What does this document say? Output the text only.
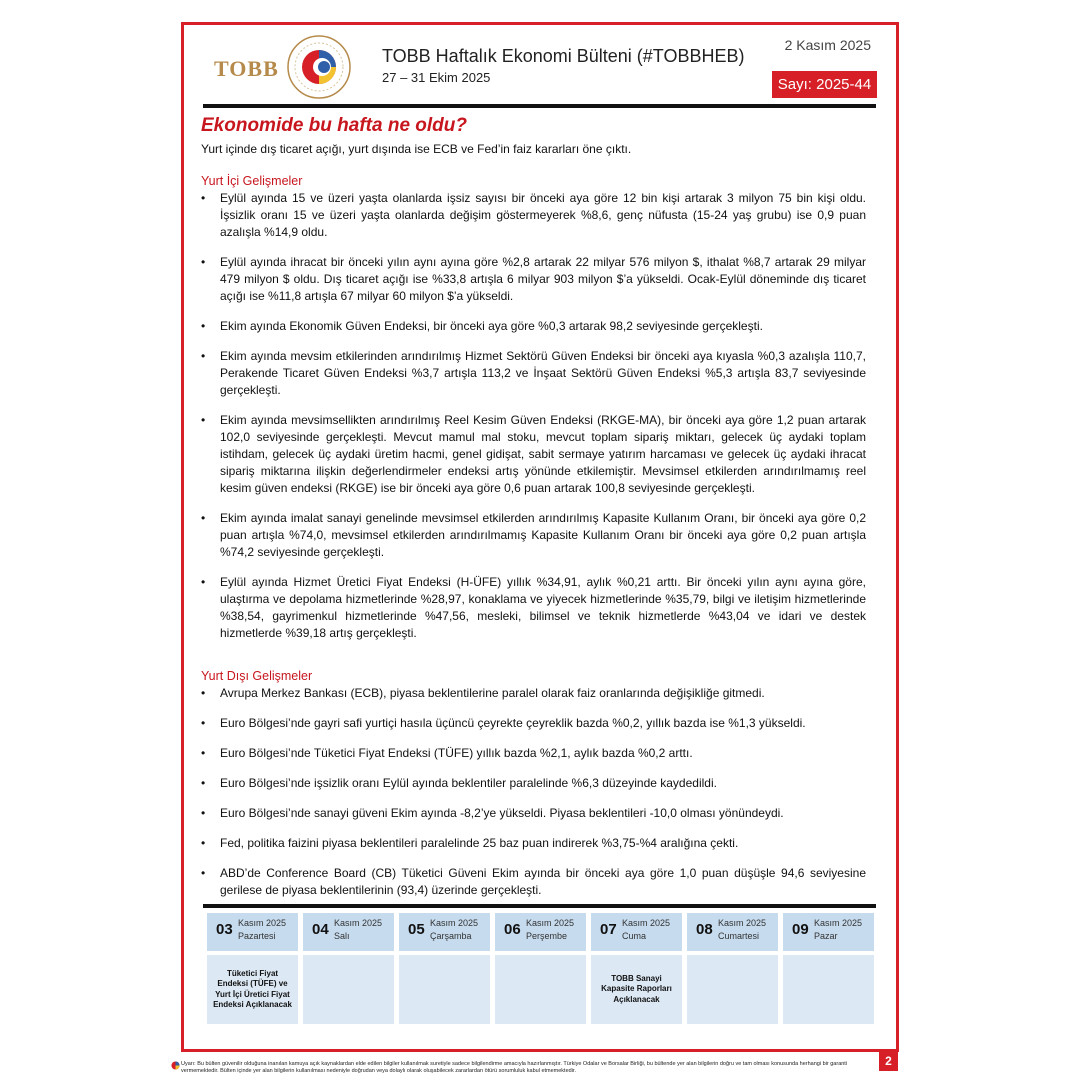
TOBB	TOBB Haftalık Ekonomi Bülteni (#TOBBHEB)
27 – 31 Ekim 2025
2 Kasım 2025
Sayı: 2025-44
Ekonomide bu hafta ne oldu?
Yurt içinde dış ticaret açığı, yurt dışında ise ECB ve Fed’in faiz kararları öne çıktı.
Yurt İçi Gelişmeler
• Eylül ayında 15 ve üzeri yaşta olanlarda işsiz sayısı bir önceki aya göre 12 bin kişi artarak 3 milyon 75 bin kişi oldu. İşsizlik oranı 15 ve üzeri yaşta olanlarda değişim göstermeyerek %8,6, genç nüfusta (15-24 yaş grubu) ise 0,9 puan azalışla %14,9 oldu.
• Eylül ayında ihracat bir önceki yılın aynı ayına göre %2,8 artarak 22 milyar 576 milyon $, ithalat %8,7 artarak 29 milyar 479 milyon $ oldu. Dış ticaret açığı ise %33,8 artışla 6 milyar 903 milyon $’a yükseldi. Ocak-Eylül döneminde dış ticaret açığı ise %11,8 artışla 67 milyar 60 milyon $’a yükseldi.
• Ekim ayında Ekonomik Güven Endeksi, bir önceki aya göre %0,3 artarak 98,2 seviyesinde gerçekleşti.
• Ekim ayında mevsim etkilerinden arındırılmış Hizmet Sektörü Güven Endeksi bir önceki aya kıyasla %0,3 azalışla 110,7, Perakende Ticaret Güven Endeksi %3,7 artışla 113,2 ve İnşaat Sektörü Güven Endeksi %5,3 artışla 83,7 seviyesinde gerçekleşti.
• Ekim ayında mevsimsellikten arındırılmış Reel Kesim Güven Endeksi (RKGE-MA), bir önceki aya göre 1,2 puan artarak 102,0 seviyesinde gerçekleşti. Mevcut mamul mal stoku, mevcut toplam sipariş miktarı, gelecek üç aydaki toplam istihdam, gelecek üç aydaki üretim hacmi, genel gidişat, sabit sermaye yatırım harcaması ve gelecek üç aydaki ihracat sipariş miktarına ilişkin değerlendirmeler endeksi artış yönünde etkilemiştir. Mevsimsel etkilerden arındırılmamış reel kesim güven endeksi (RKGE) ise bir önceki aya göre 0,6 puan artarak 100,8 seviyesinde gerçekleşti.
• Ekim ayında imalat sanayi genelinde mevsimsel etkilerden arındırılmış Kapasite Kullanım Oranı, bir önceki aya göre 0,2 puan artışla %74,0, mevsimsel etkilerden arındırılmamış Kapasite Kullanım Oranı bir önceki aya göre 0,2 puan artışla %74,2 seviyesinde gerçekleşti.
• Eylül ayında Hizmet Üretici Fiyat Endeksi (H-ÜFE) yıllık %34,91, aylık %0,21 arttı. Bir önceki yılın aynı ayına göre, ulaştırma ve depolama hizmetlerinde %28,97, konaklama ve yiyecek hizmetlerinde %35,79, bilgi ve iletişim hizmetlerinde %38,54, gayrimenkul hizmetlerinde %47,56, mesleki, bilimsel ve teknik hizmetlerde %43,04 ve idari ve destek hizmetlerde %39,18 artış gerçekleşti.
Yurt Dışı Gelişmeler
• Avrupa Merkez Bankası (ECB), piyasa beklentilerine paralel olarak faiz oranlarında değişikliğe gitmedi.
• Euro Bölgesi’nde gayri safi yurtiçi hasıla üçüncü çeyrekte çeyreklik bazda %0,2, yıllık bazda ise %1,3 yükseldi.
• Euro Bölgesi’nde Tüketici Fiyat Endeksi (TÜFE) yıllık bazda %2,1, aylık bazda %0,2 arttı.
• Euro Bölgesi’nde işsizlik oranı Eylül ayında beklentiler paralelinde %6,3 düzeyinde kaydedildi.
• Euro Bölgesi’nde sanayi güveni Ekim ayında -8,2’ye yükseldi. Piyasa beklentileri -10,0 olması yönündeydi.
• Fed, politika faizini piyasa beklentileri paralelinde 25 baz puan indirerek %3,75-%4 aralığına çekti.
• ABD’de Conference Board (CB) Tüketici Güveni Ekim ayında bir önceki aya göre 1,0 puan düşüşle 94,6 seviyesine gerilese de piyasa beklentilerinin (93,4) üzerinde gerçekleşti.
03 Kasım 2025
Pazartesi
Tüketici Fiyat Endeksi (TÜFE) ve Yurt İçi Üretici Fiyat Endeksi Açıklanacak
04 Kasım 2025
Salı	05 Kasım 2025
Çarşamba 06 Kasım 2025
Perşembe 07 Kasım 2025
Cuma
TOBB Sanayi Kapasite Raporları Açıklanacak
08 Kasım 2025
Cumartesi 09 Kasım 2025
Pazar
Uyarı: Bu bülten güvenilir olduğuna inanılan kamuya açık kaynaklardan elde edilen bilgiler kullanılmak suretiyle sadece bilgilendirme amacıyla hazırlanmıştır. Türkiye Odalar ve Borsalar Birliği, bu bültende yer alan bilgilerin doğru ve tam olması konusunda herhangi bir garanti vermemektedir. Bülten içinde yer alan bilgilerin kullanılması nedeniyle doğrudan veya dolaylı olarak oluşabilecek zararlardan ötürü sorumluluk kabul etmemektedir.
2
